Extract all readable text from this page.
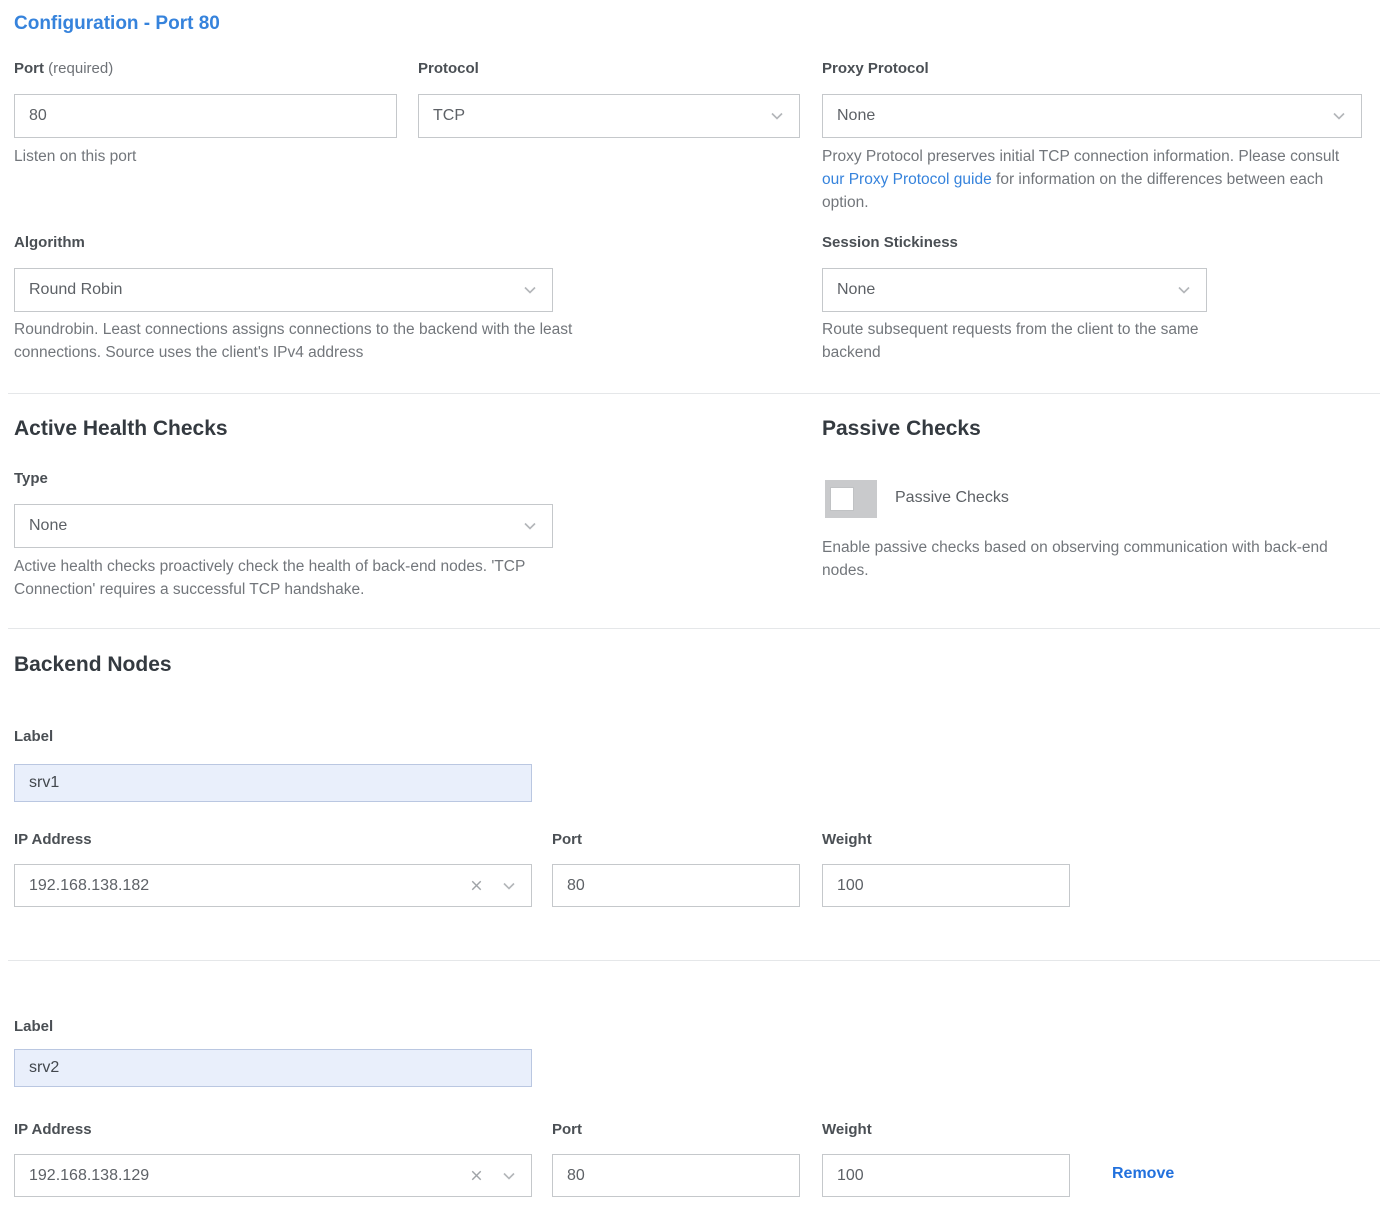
Configuration - Port 80
Port (required)
80
Listen on this port
Protocol
TCP
Proxy Protocol
None
Proxy Protocol preserves initial TCP connection information. Please consult our Proxy Protocol guide for information on the differences between each option.
Algorithm
Round Robin
Roundrobin. Least connections assigns connections to the backend with the least connections. Source uses the client's IPv4 address
Session Stickiness
None
Route subsequent requests from the client to the same backend
Active Health Checks	Passive Checks
Type
None
Active health checks proactively check the health of back-end nodes. 'TCP Connection' requires a successful TCP handshake.
Passive Checks
Enable passive checks based on observing communication with back-end nodes.
Backend Nodes
Label
srv1
IP Address
192.168.138.182
Port
80	Weight
100
Label
srv2
IP Address
192.168.138.129
Port
80	Weight
100
Remove
